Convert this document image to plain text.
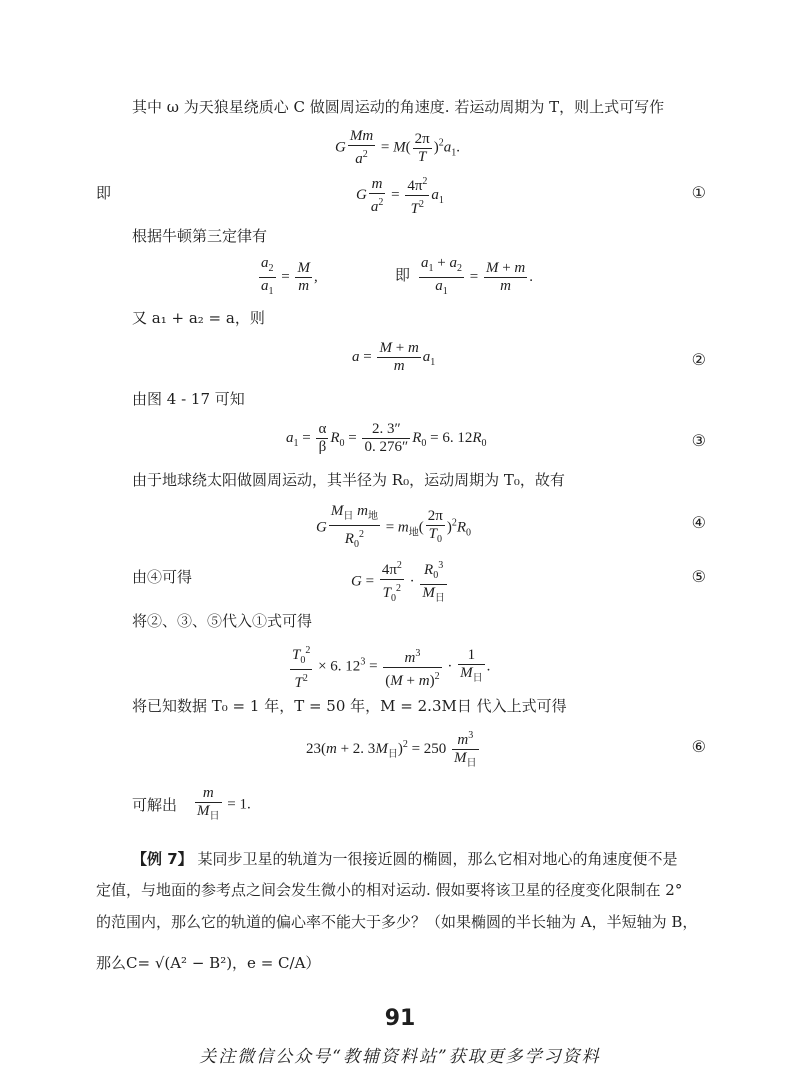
其中 ω 为天狼星绕质心 C 做圆周运动的角速度. 若运动周期为 T，则上式可写作
G $\frac{Mm}{a^2} = M( \frac{2\pi}{T} )^2a_1$.
即	G $\frac{m}{a^2} = \frac{4\pi^2}{T^2} a_1$	①
根据牛顿第三定律有
$\frac{a_2}{a_1} = \frac{M}{m}$ ,	即 $\frac{a_1 + a_2}{a_1} = \frac{M + m}{m}$ .
又 a₁ + a₂ = a，则
$a = \frac{M + m}{m} a_1$	②
由图 4 - 17 可知
$a_1 = \frac{\alpha}{\beta} R_0 = \frac{2. 3''}{0. 276''} R_0 = 6$. $12R_0$	③
由于地球绕太阳做圆周运动，其半径为 R₀，运动周期为 T₀，故有
G $\frac{M_日 m_地}{R_0^2} = m_地( \frac{2\pi}{T_0} )^2R_0$
④
由④可得	$G = \frac{4\pi^2}{T_0^2} \cdot \frac{R_0^3}{M_日}$	⑤
将②、③、⑤代入①式可得
$\frac{T_0^2}{T^2} \times 6$. $12^3 = \frac{m^3}{(M + m)^2} \cdot \frac{1}{M_日}$ .
将已知数据 T₀ = 1 年，T = 50 年，M = 2.3M日 代入上式可得
23(m + 2. $3M_日)^2 = 250 \frac{m^3}{M_日}$	⑥
可解出 $\frac{m}{M_日} = 1$.
【例 7】 某同步卫星的轨道为一很接近圆的椭圆，那么它相对地心的角速度便不是
定值，与地面的参考点之间会发生微小的相对运动. 假如要将该卫星的径度变化限制在 2°
的范围内，那么它的轨道的偏心率不能大于多少？（如果椭圆的半长轴为 A，半短轴为 B，
那么C= √(A² − B²)，e = C/A）
91
关注微信公众号“教辅资料站”获取更多学习资料
